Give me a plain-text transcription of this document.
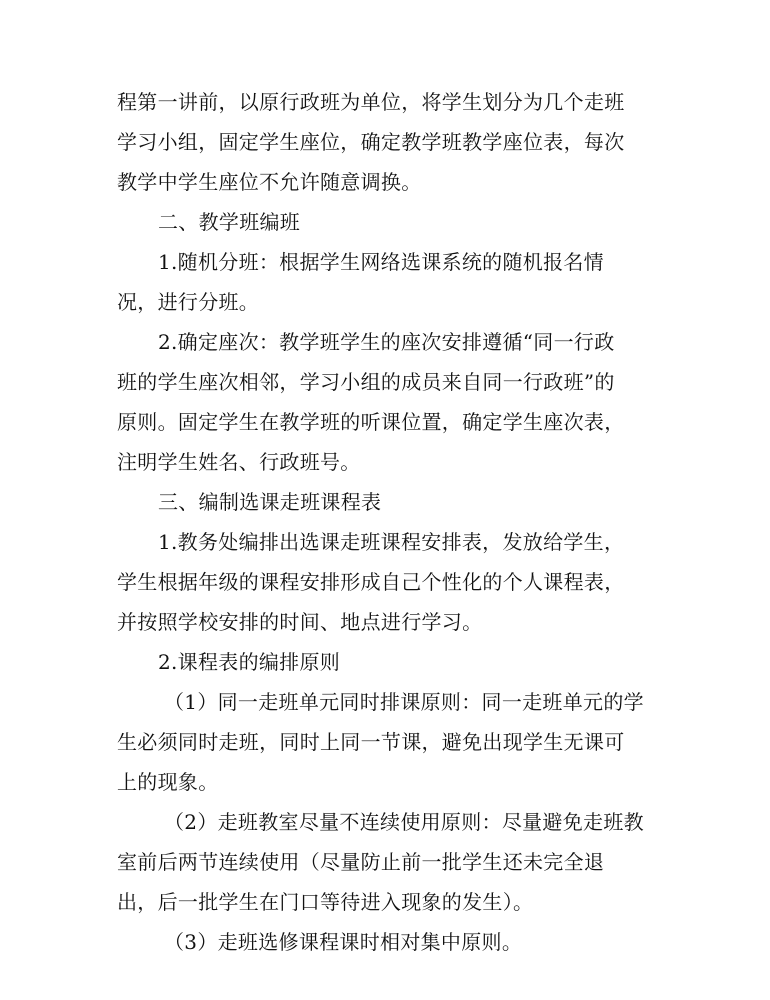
程第一讲前，以原行政班为单位，将学生划分为几个走班
学习小组，固定学生座位，确定教学班教学座位表，每次
教学中学生座位不允许随意调换。
二、教学班编班
1.随机分班：根据学生网络选课系统的随机报名情
况，进行分班。
2.确定座次：教学班学生的座次安排遵循“同一行政
班的学生座次相邻，学习小组的成员来自同一行政班”的
原则。固定学生在教学班的听课位置，确定学生座次表，
注明学生姓名、行政班号。
三、编制选课走班课程表
1.教务处编排出选课走班课程安排表，发放给学生，
学生根据年级的课程安排形成自己个性化的个人课程表，
并按照学校安排的时间、地点进行学习。
2.课程表的编排原则
（1）同一走班单元同时排课原则：同一走班单元的学
生必须同时走班，同时上同一节课，避免出现学生无课可
上的现象。
（2）走班教室尽量不连续使用原则：尽量避免走班教
室前后两节连续使用（尽量防止前一批学生还未完全退
出，后一批学生在门口等待进入现象的发生）。
（3）走班选修课程课时相对集中原则。
